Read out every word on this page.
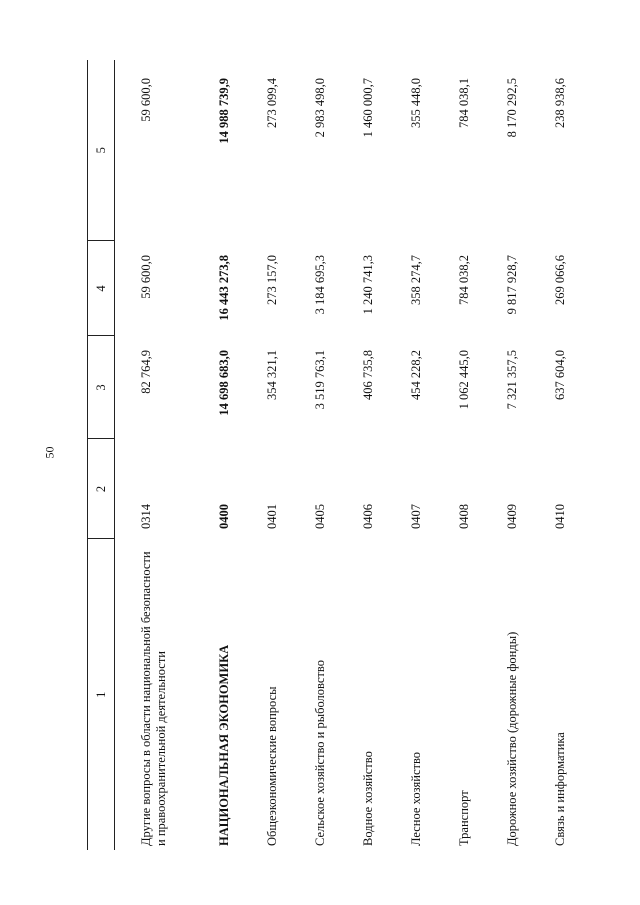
50
1	2	3	4	5
Другие вопросы в области национальной безопасности и правоохранительной деятельности	0314	82 764,9	59 600,0	59 600,0
НАЦИОНАЛЬНАЯ ЭКОНОМИКА	0400	14 698 683,0	16 443 273,8	14 988 739,9
Общеэкономические вопросы	0401	354 321,1	273 157,0	273 099,4
Сельское хозяйство и рыболовство	0405	3 519 763,1	3 184 695,3	2 983 498,0
Водное хозяйство	0406	406 735,8	1 240 741,3	1 460 000,7
Лесное хозяйство	0407	454 228,2	358 274,7	355 448,0
Транспорт	0408	1 062 445,0	784 038,2	784 038,1
Дорожное хозяйство (дорожные фонды)	0409	7 321 357,5	9 817 928,7	8 170 292,5
Связь и информатика	0410	637 604,0	269 066,6	238 938,6
